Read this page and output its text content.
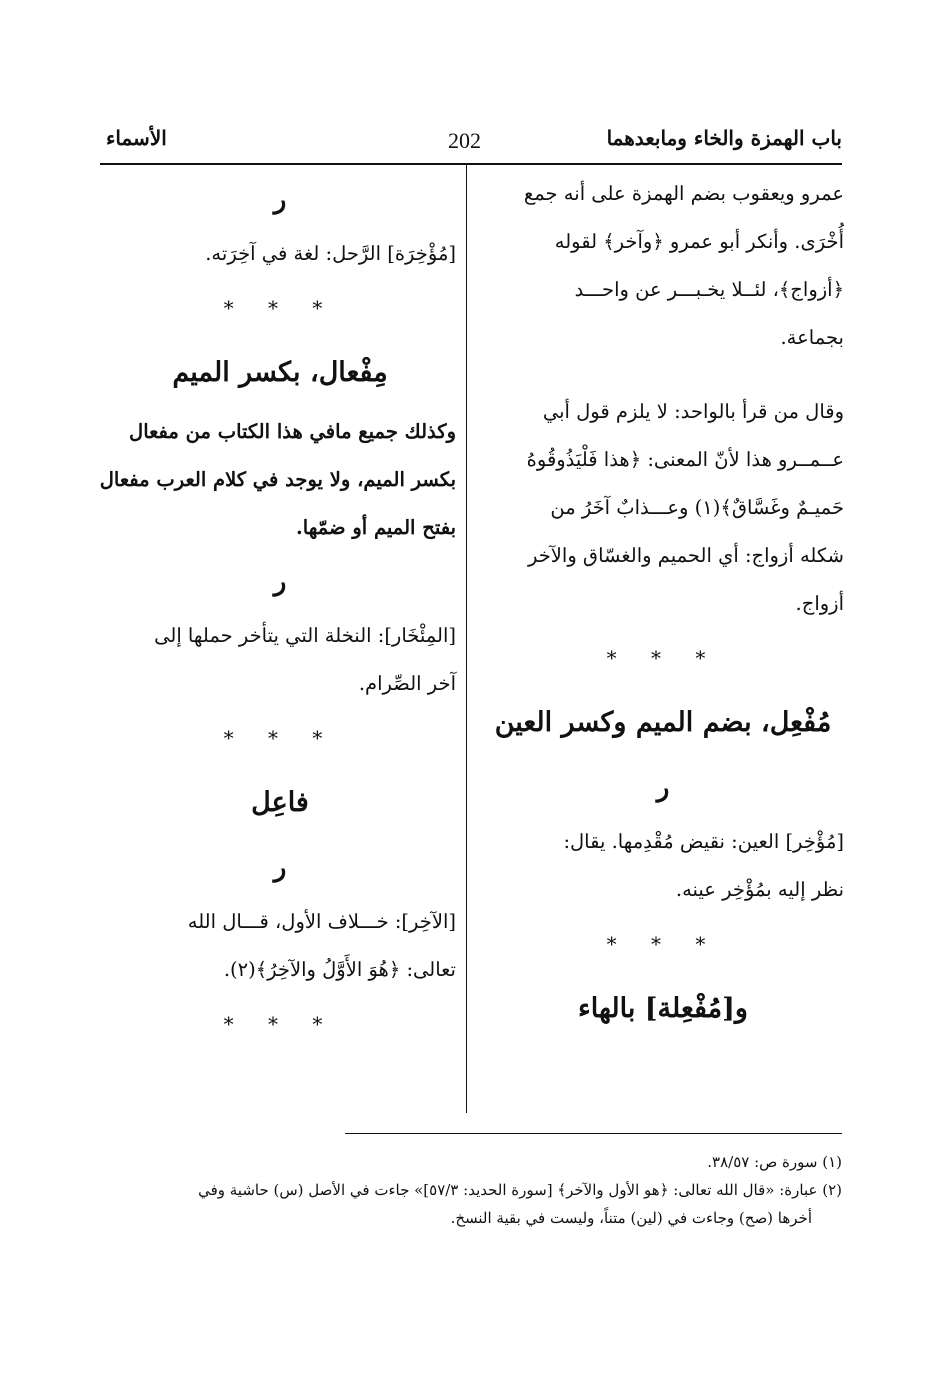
باب الهمزة والخاء ومابعدهما
202
الأسماء
عمرو ويعقوب بضم الهمزة على أنه جمع
أُخْرَى. وأنكر أبو عمرو ﴿وآخر﴾ لقوله
﴿أزواج﴾، لئــلا يخـبـــر عن واحـــد
بجماعة.
وقال من قرأ بالواحد: لا يلزم قول أبي
عــمــرو هذا لأنّ المعنى: ﴿هذا فَلْيَذُوقُوهُ
حَميـمٌ وغَسَّاقٌ﴾(١) وعـــذابٌ آخَرُ من
شكله أزواج: أي الحميم والغسّاق والآخر
أزواج.
* * *
مُفْعِل، بضم الميم وكسر العين
ر
[مُؤْخِر] العين: نقيض مُقْدِمها. يقال:
نظر إليه بمُؤْخِر عينه.
* * *
و[مُفْعِلة] بالهاء
ر
[مُؤْخِرَة] الرَّحل: لغة في آخِرَته.
* * *
مِفْعال، بكسر الميم
وكذلك جميع مافي هذا الكتاب من مفعال
بكسر الميم، ولا يوجد في كلام العرب مفعال
بفتح الميم أو ضمّها.
ر
[المِئْخَار]: النخلة التي يتأخر حملها إلى
آخر الصِّرام.
* * *
فاعِل
ر
[الآخِر]: خـــلاف الأول، قـــال الله
تعالى: ﴿هُوَ الأَوَّلُ والآخِرُ﴾(٢).
* * *
(١) سورة ص: ٣٨/٥٧.
(٢) عبارة: «قال الله تعالى: ﴿هو الأول والآخر﴾ [سورة الحديد: ٥٧/٣]» جاءت في الأصل (س) حاشية وفي
أخرها (صح) وجاءت في (لين) متناً، وليست في بقية النسخ.
